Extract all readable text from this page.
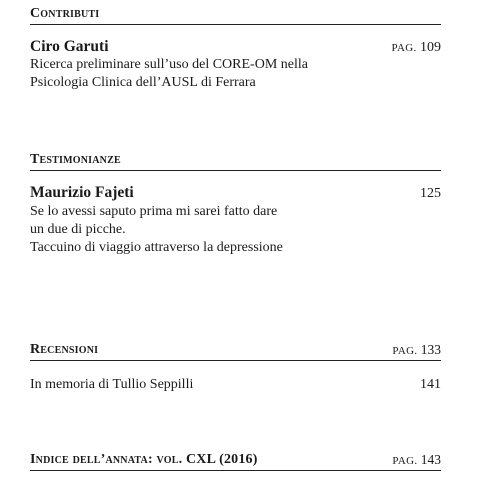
Contributi
Ciro Garuti	PAG. 109
Ricerca preliminare sull’uso del CORE-OM nella
Psicologia Clinica dell’AUSL di Ferrara
Testimonianze
Maurizio Fajeti	125
Se lo avessi saputo prima mi sarei fatto dare
un due di picche.
Taccuino di viaggio attraverso la depressione
Recensioni	PAG. 133
In memoria di Tullio Seppilli	141
Indice dell’annata: vol. CXL (2016)	PAG. 143
